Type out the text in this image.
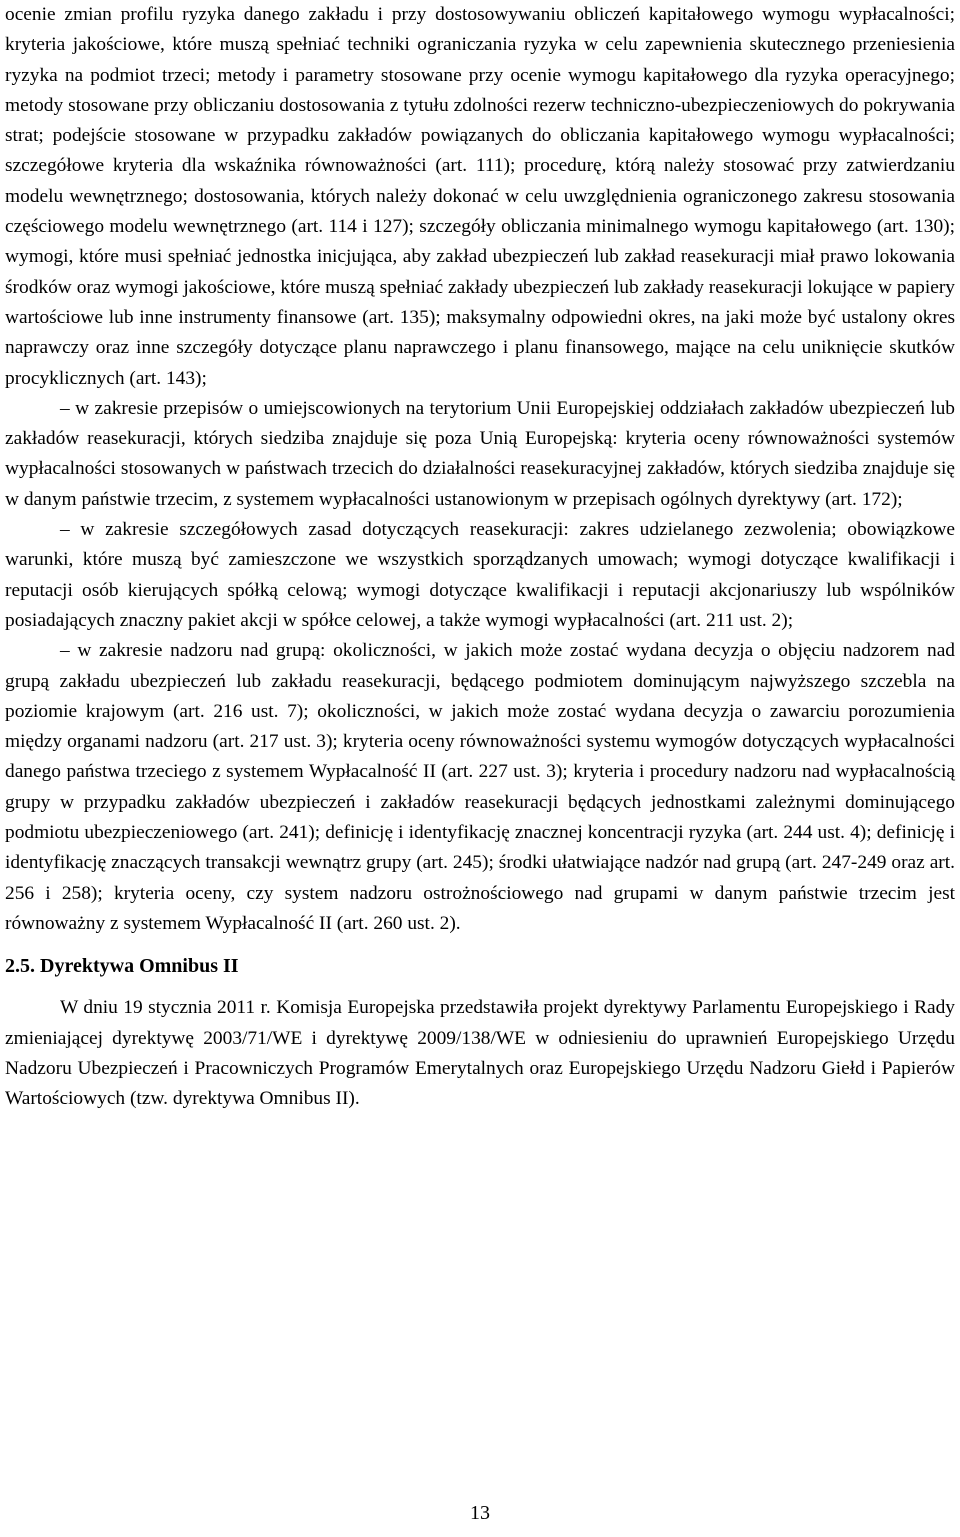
ocenie zmian profilu ryzyka danego zakładu i przy dostosowywaniu obliczeń kapitałowego wymogu wypłacalności; kryteria jakościowe, które muszą spełniać techniki ograniczania ryzyka w celu zapewnienia skutecznego przeniesienia ryzyka na podmiot trzeci; metody i parametry stosowane przy ocenie wymogu kapitałowego dla ryzyka operacyjnego; metody stosowane przy obliczaniu dostosowania z tytułu zdolności rezerw techniczno-ubezpieczeniowych do pokrywania strat; podejście stosowane w przypadku zakładów powiązanych do obliczania kapitałowego wymogu wypłacalności; szczegółowe kryteria dla wskaźnika równoważności (art. 111); procedurę, którą należy stosować przy zatwierdzaniu modelu wewnętrznego; dostosowania, których należy dokonać w celu uwzględnienia ograniczonego zakresu stosowania częściowego modelu wewnętrznego (art. 114 i 127); szczegóły obliczania minimalnego wymogu kapitałowego (art. 130); wymogi, które musi spełniać jednostka inicjująca, aby zakład ubezpieczeń lub zakład reasekuracji miał prawo lokowania środków oraz wymogi jakościowe, które muszą spełniać zakłady ubezpieczeń lub zakłady reasekuracji lokujące w papiery wartościowe lub inne instrumenty finansowe (art. 135); maksymalny odpowiedni okres, na jaki może być ustalony okres naprawczy oraz inne szczegóły dotyczące planu naprawczego i planu finansowego, mające na celu uniknięcie skutków procyklicznych (art. 143);

– w zakresie przepisów o umiejscowionych na terytorium Unii Europejskiej oddziałach zakładów ubezpieczeń lub zakładów reasekuracji, których siedziba znajduje się poza Unią Europejską: kryteria oceny równoważności systemów wypłacalności stosowanych w państwach trzecich do działalności reasekuracyjnej zakładów, których siedziba znajduje się w danym państwie trzecim, z systemem wypłacalności ustanowionym w przepisach ogólnych dyrektywy (art. 172);

– w zakresie szczegółowych zasad dotyczących reasekuracji: zakres udzielanego zezwolenia; obowiązkowe warunki, które muszą być zamieszczone we wszystkich sporządzanych umowach; wymogi dotyczące kwalifikacji i reputacji osób kierujących spółką celową; wymogi dotyczące kwalifikacji i reputacji akcjonariuszy lub wspólników posiadających znaczny pakiet akcji w spółce celowej, a także wymogi wypłacalności (art. 211 ust. 2);

– w zakresie nadzoru nad grupą: okoliczności, w jakich może zostać wydana decyzja o objęciu nadzorem nad grupą zakładu ubezpieczeń lub zakładu reasekuracji, będącego podmiotem dominującym najwyższego szczebla na poziomie krajowym (art. 216 ust. 7); okoliczności, w jakich może zostać wydana decyzja o zawarciu porozumienia między organami nadzoru (art. 217 ust. 3); kryteria oceny równoważności systemu wymogów dotyczących wypłacalności danego państwa trzeciego z systemem Wypłacalność II (art. 227 ust. 3); kryteria i procedury nadzoru nad wypłacalnością grupy w przypadku zakładów ubezpieczeń i zakładów reasekuracji będących jednostkami zależnymi dominującego podmiotu ubezpieczeniowego (art. 241); definicję i identyfikację znacznej koncentracji ryzyka (art. 244 ust. 4); definicję i identyfikację znaczących transakcji wewnątrz grupy (art. 245); środki ułatwiające nadzór nad grupą (art. 247-249 oraz art. 256 i 258); kryteria oceny, czy system nadzoru ostrożnościowego nad grupami w danym państwie trzecim jest równoważny z systemem Wypłacalność II (art. 260 ust. 2).

2.5. Dyrektywa Omnibus II

W dniu 19 stycznia 2011 r. Komisja Europejska przedstawiła projekt dyrektywy Parlamentu Europejskiego i Rady zmieniającej dyrektywę 2003/71/WE i dyrektywę 2009/138/WE w odniesieniu do uprawnień Europejskiego Urzędu Nadzoru Ubezpieczeń i Pracowniczych Programów Emerytalnych oraz Europejskiego Urzędu Nadzoru Giełd i Papierów Wartościowych (tzw. dyrektywa Omnibus II).

13
